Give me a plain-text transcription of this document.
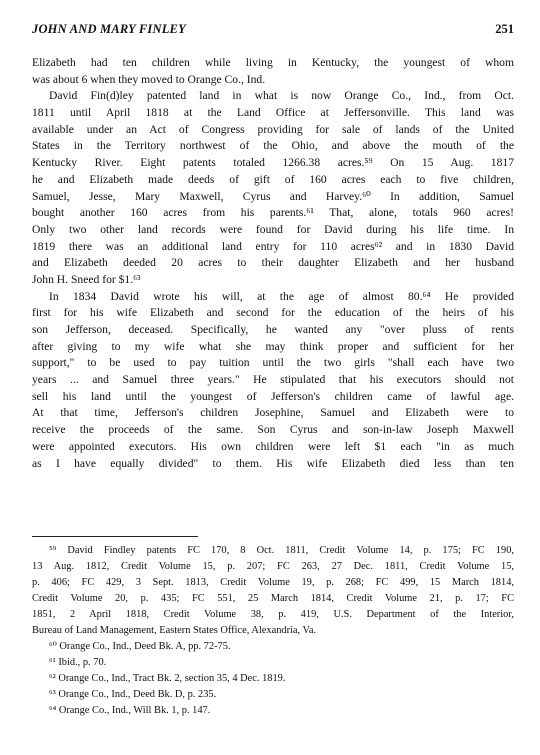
JOHN AND MARY FINLEY	251
Elizabeth had ten children while living in Kentucky, the youngest of whom
was about 6 when they moved to Orange Co., Ind.
David Fin(d)ley patented land in what is now Orange Co., Ind., from Oct.
1811 until April 1818 at the Land Office at Jeffersonville. This land was
available under an Act of Congress providing for sale of lands of the United
States in the Territory northwest of the Ohio, and above the mouth of the
Kentucky River. Eight patents totaled 1266.38 acres.⁵⁹ On 15 Aug. 1817
he and Elizabeth made deeds of gift of 160 acres each to five children,
Samuel, Jesse, Mary Maxwell, Cyrus and Harvey.⁶⁰ In addition, Samuel
bought another 160 acres from his parents.⁶¹ That, alone, totals 960 acres!
Only two other land records were found for David during his life time. In
1819 there was an additional land entry for 110 acres⁶² and in 1830 David
and Elizabeth deeded 20 acres to their daughter Elizabeth and her husband
John H. Sneed for $1.⁶³
In 1834 David wrote his will, at the age of almost 80.⁶⁴ He provided
first for his wife Elizabeth and second for the education of the heirs of his
son Jefferson, deceased. Specifically, he wanted any "over pluss of rents
after giving to my wife what she may think proper and sufficient for her
support," to be used to pay tuition until the two girls "shall each have two
years ... and Samuel three years." He stipulated that his executors should not
sell his land until the youngest of Jefferson's children came of lawful age.
At that time, Jefferson's children Josephine, Samuel and Elizabeth were to
receive the proceeds of the same. Son Cyrus and son-in-law Joseph Maxwell
were appointed executors. His own children were left $1 each "in as much
as I have equally divided" to them. His wife Elizabeth died less than ten
⁵⁹ David Findley patents FC 170, 8 Oct. 1811, Credit Volume 14, p. 175; FC 190,
13 Aug. 1812, Credit Volume 15, p. 207; FC 263, 27 Dec. 1811, Credit Volume 15,
p. 406; FC 429, 3 Sept. 1813, Credit Volume 19, p. 268; FC 499, 15 March 1814,
Credit Volume 20, p. 435; FC 551, 25 March 1814, Credit Volume 21, p. 17; FC
1851, 2 April 1818, Credit Volume 38, p. 419, U.S. Department of the Interior,
Bureau of Land Management, Eastern States Office, Alexandria, Va.
⁶⁰ Orange Co., Ind., Deed Bk. A, pp. 72-75.
⁶¹ Ibid., p. 70.
⁶² Orange Co., Ind., Tract Bk. 2, section 35, 4 Dec. 1819.
⁶³ Orange Co., Ind., Deed Bk. D, p. 235.
⁶⁴ Orange Co., Ind., Will Bk. 1, p. 147.
